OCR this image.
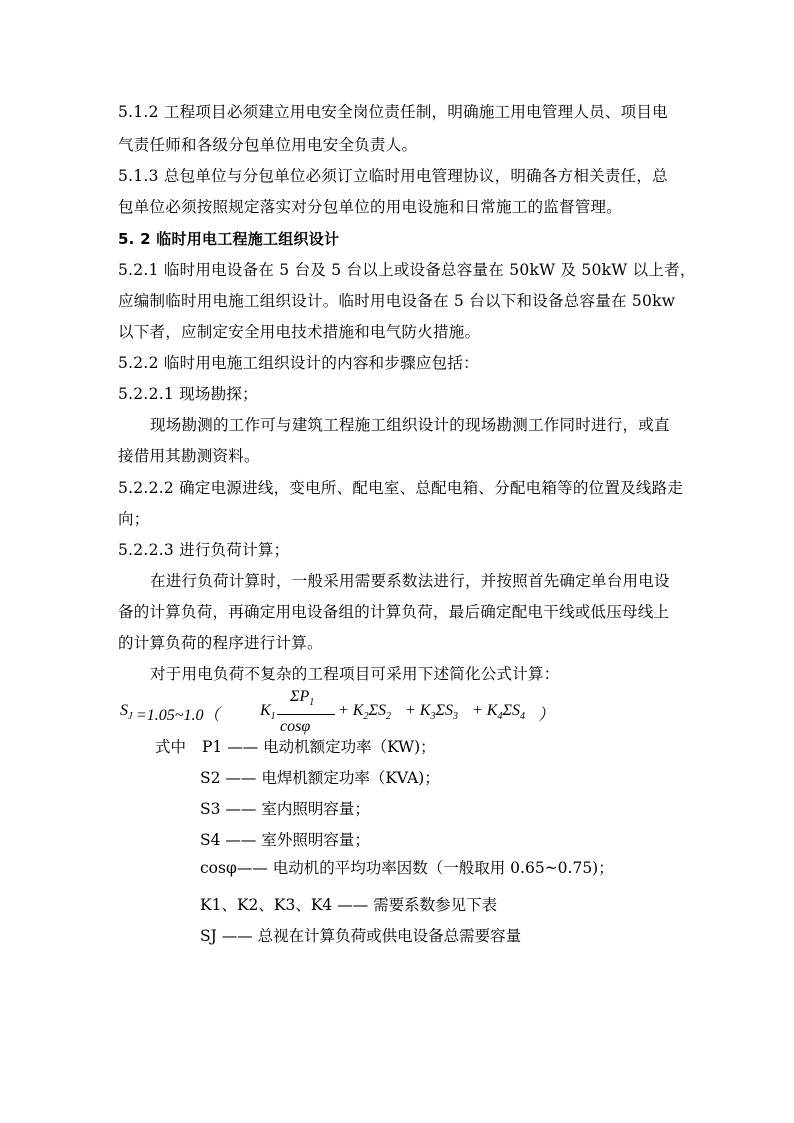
5.1.2 工程项目必须建立用电安全岗位责任制，明确施工用电管理人员、项目电
气责任师和各级分包单位用电安全负责人。
5.1.3 总包单位与分包单位必须订立临时用电管理协议，明确各方相关责任，总
包单位必须按照规定落实对分包单位的用电设施和日常施工的监督管理。
5. 2 临时用电工程施工组织设计
5.2.1 临时用电设备在 5 台及 5 台以上或设备总容量在 50kW 及 50kW 以上者，
应编制临时用电施工组织设计。临时用电设备在 5 台以下和设备总容量在 50kw
以下者，应制定安全用电技术措施和电气防火措施。
5.2.2 临时用电施工组织设计的内容和步骤应包括：
5.2.2.1 现场勘探；
现场勘测的工作可与建筑工程施工组织设计的现场勘测工作同时进行，或直
接借用其勘测资料。
5.2.2.2 确定电源进线，变电所、配电室、总配电箱、分配电箱等的位置及线路走
向；
5.2.2.3 进行负荷计算；
在进行负荷计算时，一般采用需要系数法进行，并按照首先确定单台用电设
备的计算负荷，再确定用电设备组的计算负荷，最后确定配电干线或低压母线上
的计算负荷的程序进行计算。
对于用电负荷不复杂的工程项目可采用下述简化公式计算：
$S_J$ =1.05~1.0（	$K_1$
$\Sigma P_1$
cosφ
+ $K_2\Sigma S_2 + K_3\Sigma S_3 + K_4\Sigma S_4$ ）
式中 P1 —— 电动机额定功率（KW)；
S2 —— 电焊机额定功率（KVA)；
S3 —— 室内照明容量；
S4 —— 室外照明容量；
cosφ—— 电动机的平均功率因数（一般取用 0.65~0.75)；
K1、K2、K3、K4 —— 需要系数参见下表
SJ —— 总视在计算负荷或供电设备总需要容量
